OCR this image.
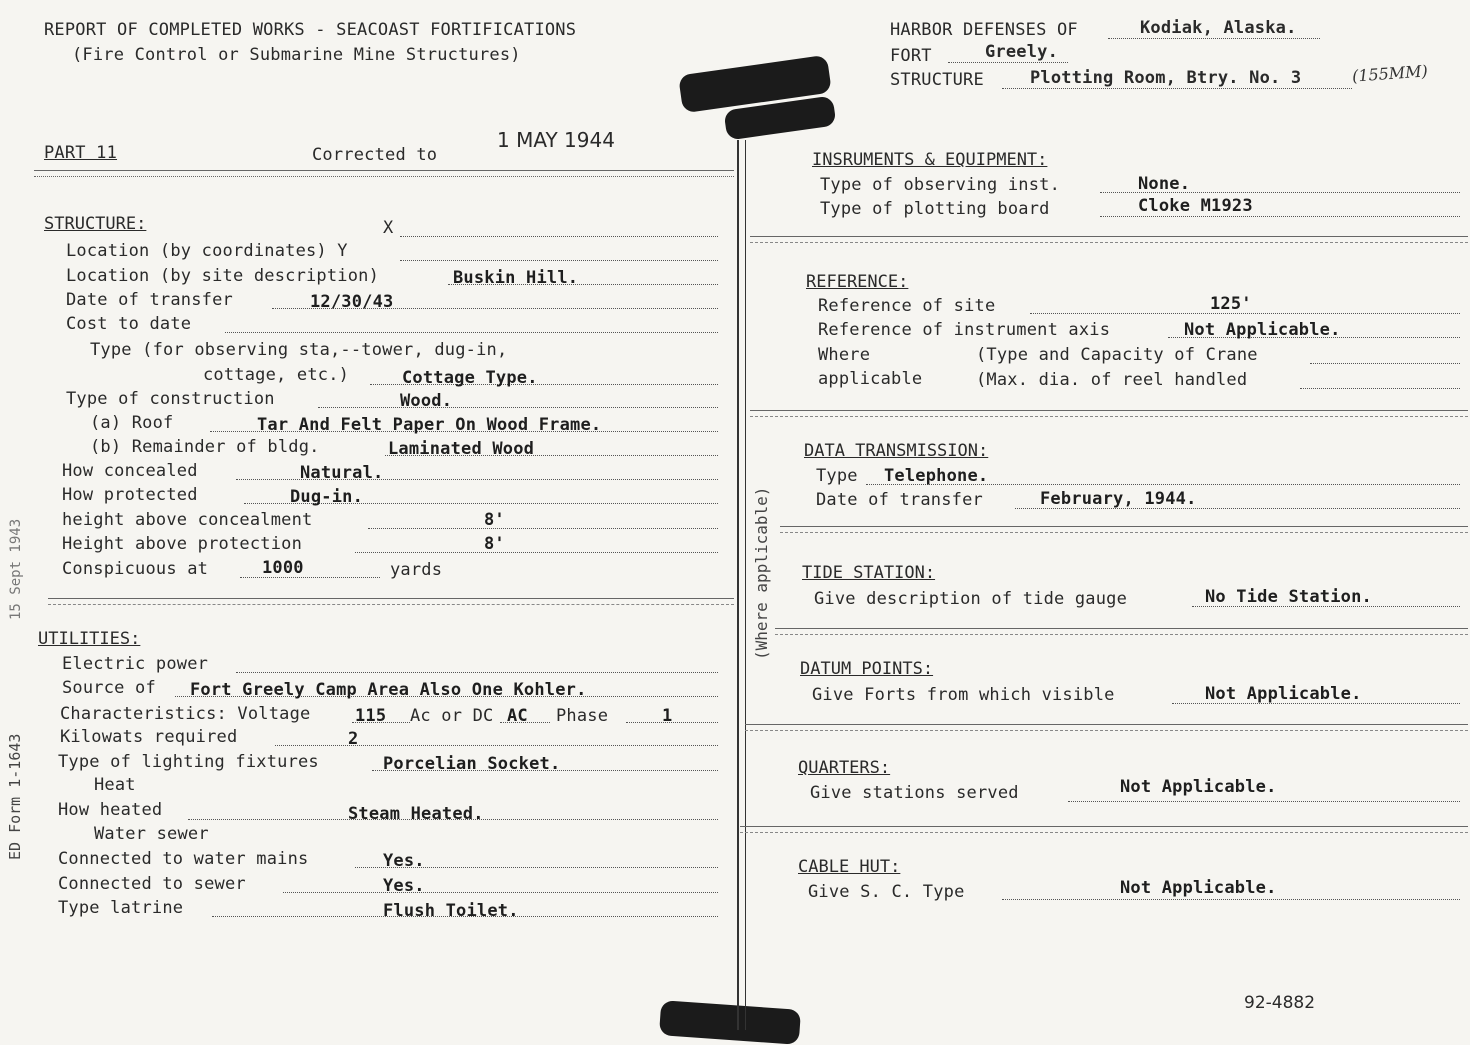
REPORT OF COMPLETED WORKS - SEACOAST FORTIFICATIONS
(Fire Control or Submarine Mine Structures)
HARBOR DEFENSES OF	Kodiak, Alaska.
FORT	Greely.
STRUCTURE	Plotting Room, Btry. No. 3	(155MM)
PART 11	Corrected to
1 MAY 1944
(Where applicable)
ED Form 1-1643
15 Sept 1943
STRUCTURE:	X
Location (by coordinates) Y
Location (by site description)	Buskin Hill.
Date of transfer	12/30/43
Cost to date
Type (for observing sta,--tower, dug-in,
cottage, etc.)	Cottage Type.
Type of construction	Wood.
(a) Roof	Tar And Felt Paper On Wood Frame.
(b) Remainder of bldg.	Laminated Wood
How concealed	Natural.
How protected	Dug-in.
height above concealment	8'
Height above protection	8'
Conspicuous at	1000	yards
UTILITIES:
Electric power
Source of Fort Greely Camp Area Also One Kohler.
Characteristics: Voltage	115 Ac or DC AC Phase	1
Kilowats required	2
Type of lighting fixtures	Porcelian Socket.
Heat
How heated	Steam Heated.
Water sewer
Connected to water mains	Yes.
Connected to sewer	Yes.
Type latrine	Flush Toilet.
INSRUMENTS & EQUIPMENT:
Type of observing inst.	None.
Type of plotting board	Cloke M1923
REFERENCE:
Reference of site	125'
Reference of instrument axis	Not Applicable.
Where	(Type and Capacity of Crane
applicable	(Max. dia. of reel handled
DATA TRANSMISSION:
Type Telephone.
Date of transfer	February, 1944.
TIDE STATION:
Give description of tide gauge	No Tide Station.
DATUM POINTS:
Give Forts from which visible	Not Applicable.
QUARTERS:
Give stations served	Not Applicable.
CABLE HUT:
Give S. C. Type	Not Applicable.
92-4882
